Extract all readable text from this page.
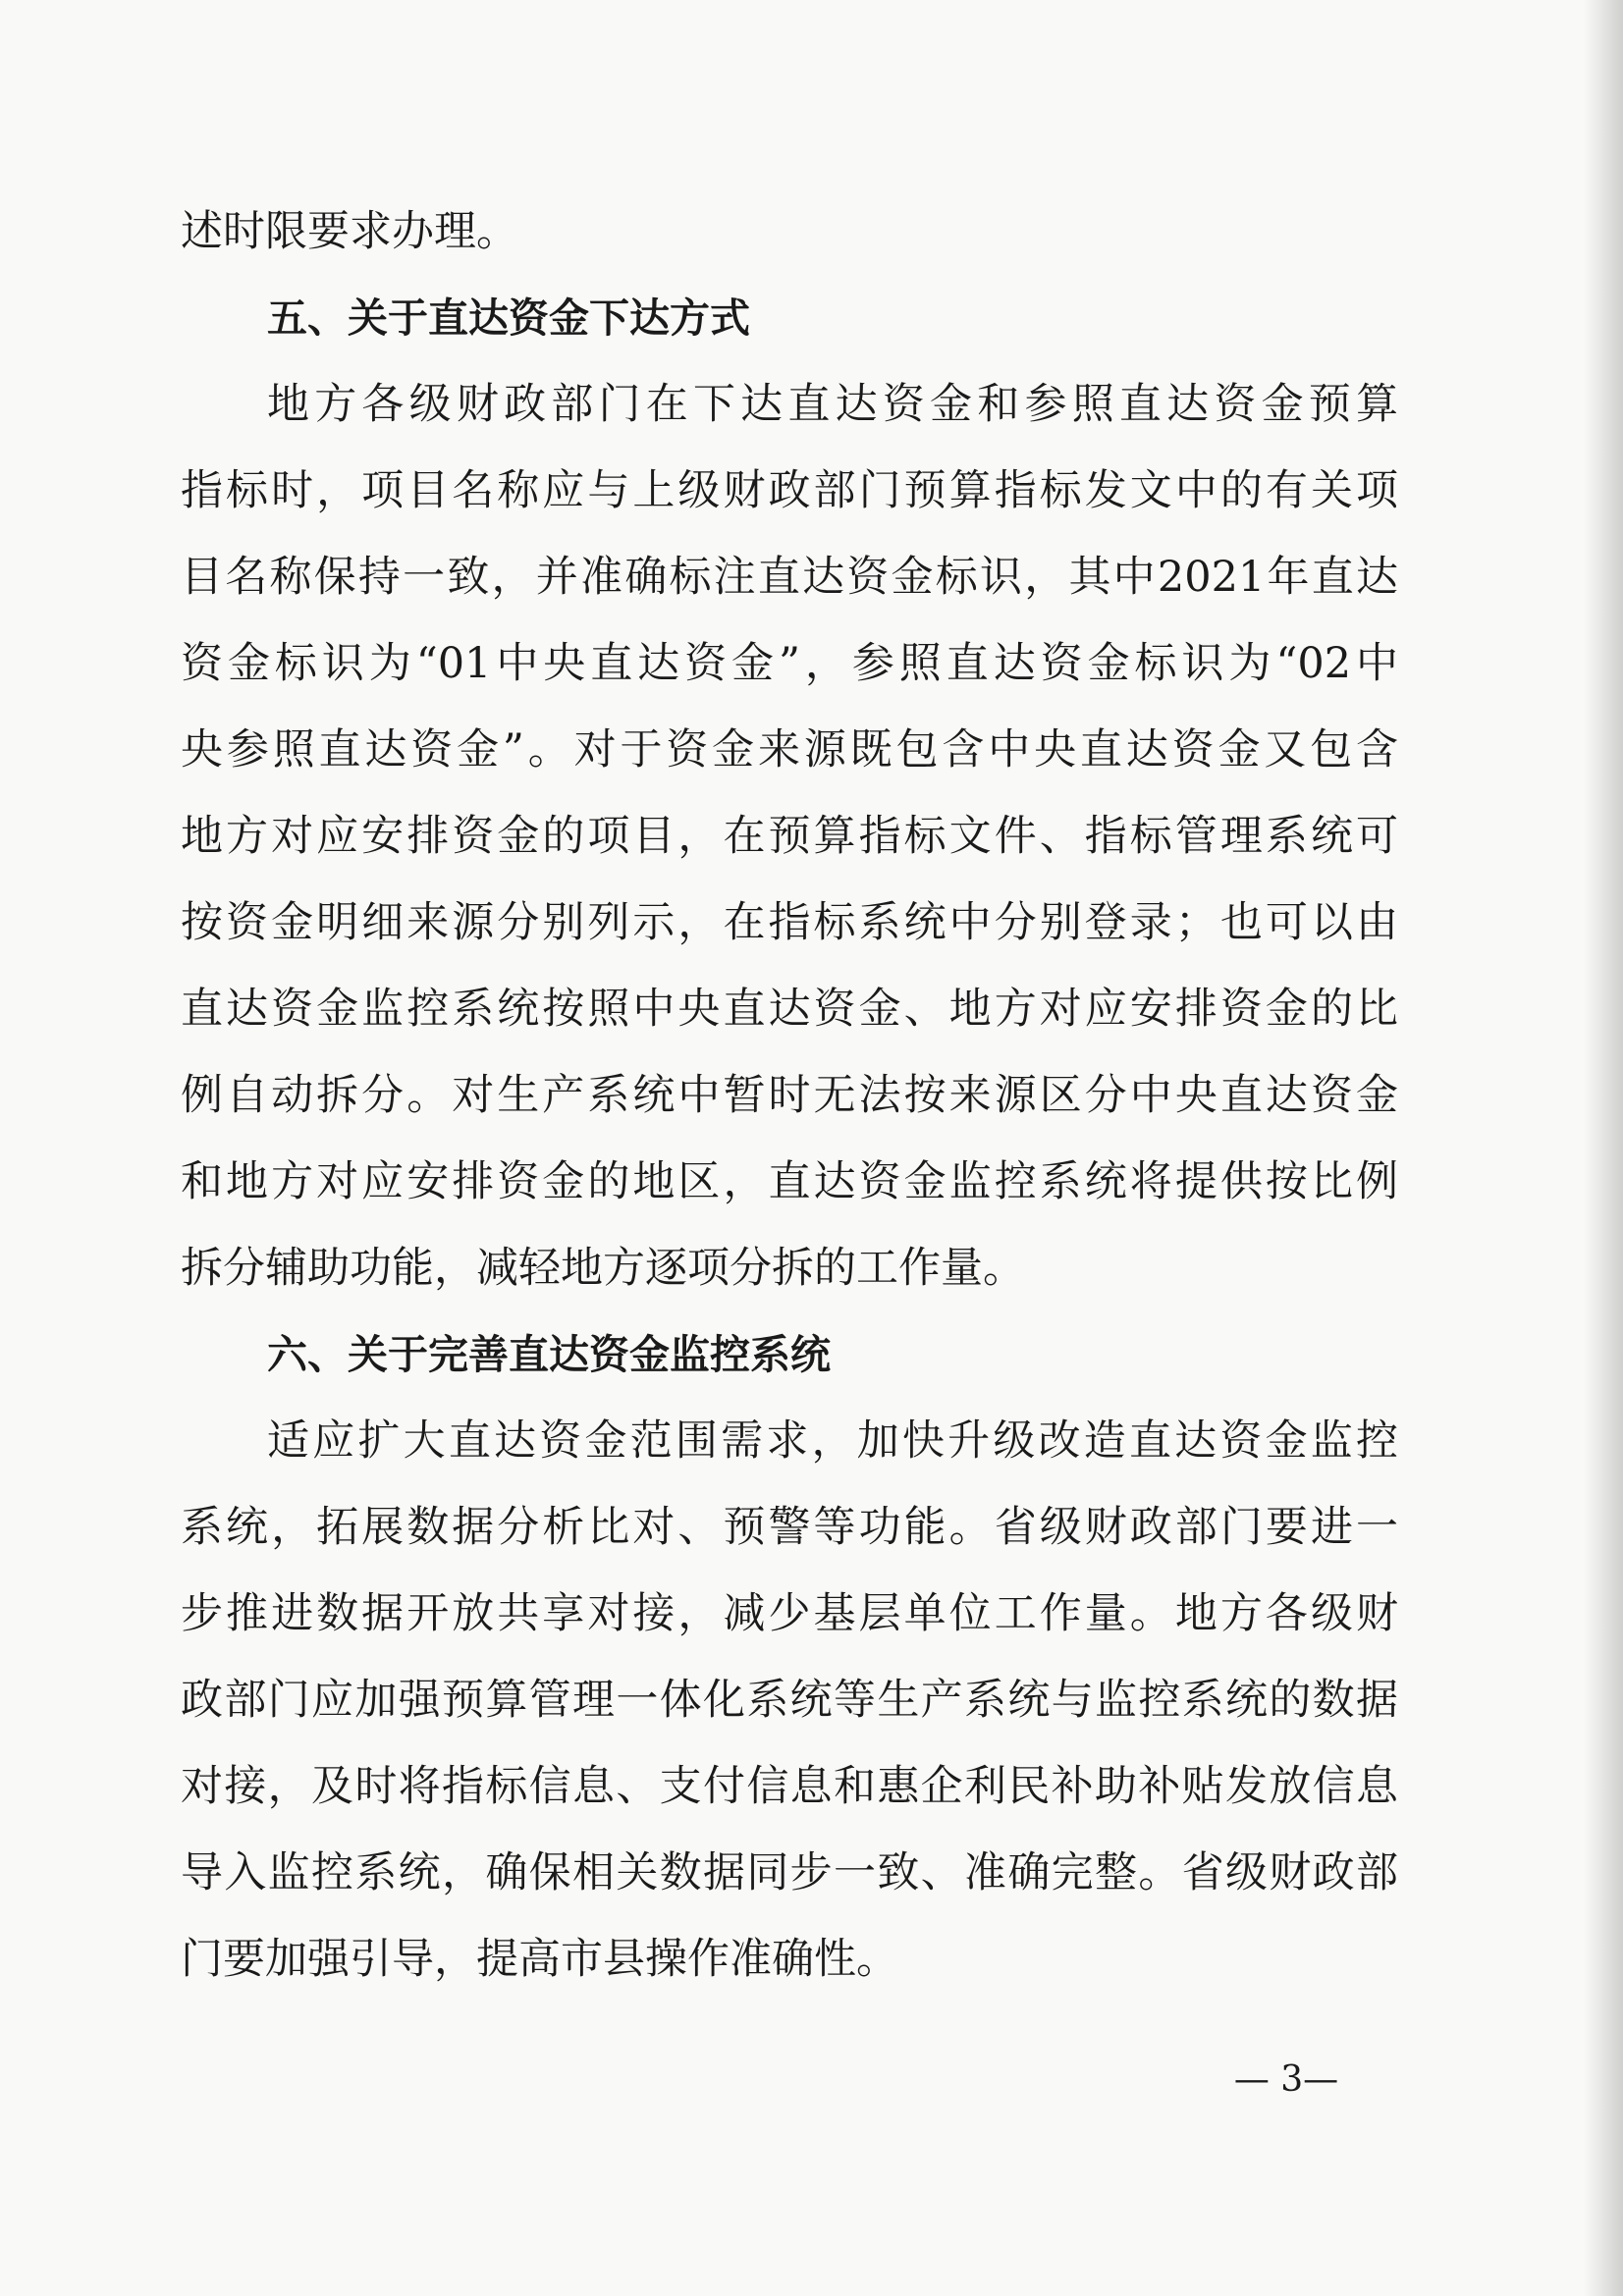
述时限要求办理。
五、关于直达资金下达方式
地方各级财政部门在下达直达资金和参照直达资金预算
指标时，项目名称应与上级财政部门预算指标发文中的有关项
目名称保持一致，并准确标注直达资金标识，其中2021年直达
资金标识为“01中央直达资金”，参照直达资金标识为“02中
央参照直达资金”。对于资金来源既包含中央直达资金又包含
地方对应安排资金的项目，在预算指标文件、指标管理系统可
按资金明细来源分别列示，在指标系统中分别登录；也可以由
直达资金监控系统按照中央直达资金、地方对应安排资金的比
例自动拆分。对生产系统中暂时无法按来源区分中央直达资金
和地方对应安排资金的地区，直达资金监控系统将提供按比例
拆分辅助功能，减轻地方逐项分拆的工作量。
六、关于完善直达资金监控系统
适应扩大直达资金范围需求，加快升级改造直达资金监控
系统，拓展数据分析比对、预警等功能。省级财政部门要进一
步推进数据开放共享对接，减少基层单位工作量。地方各级财
政部门应加强预算管理一体化系统等生产系统与监控系统的数据
对接，及时将指标信息、支付信息和惠企利民补助补贴发放信息
导入监控系统，确保相关数据同步一致、准确完整。省级财政部
门要加强引导，提高市县操作准确性。
— 3—
